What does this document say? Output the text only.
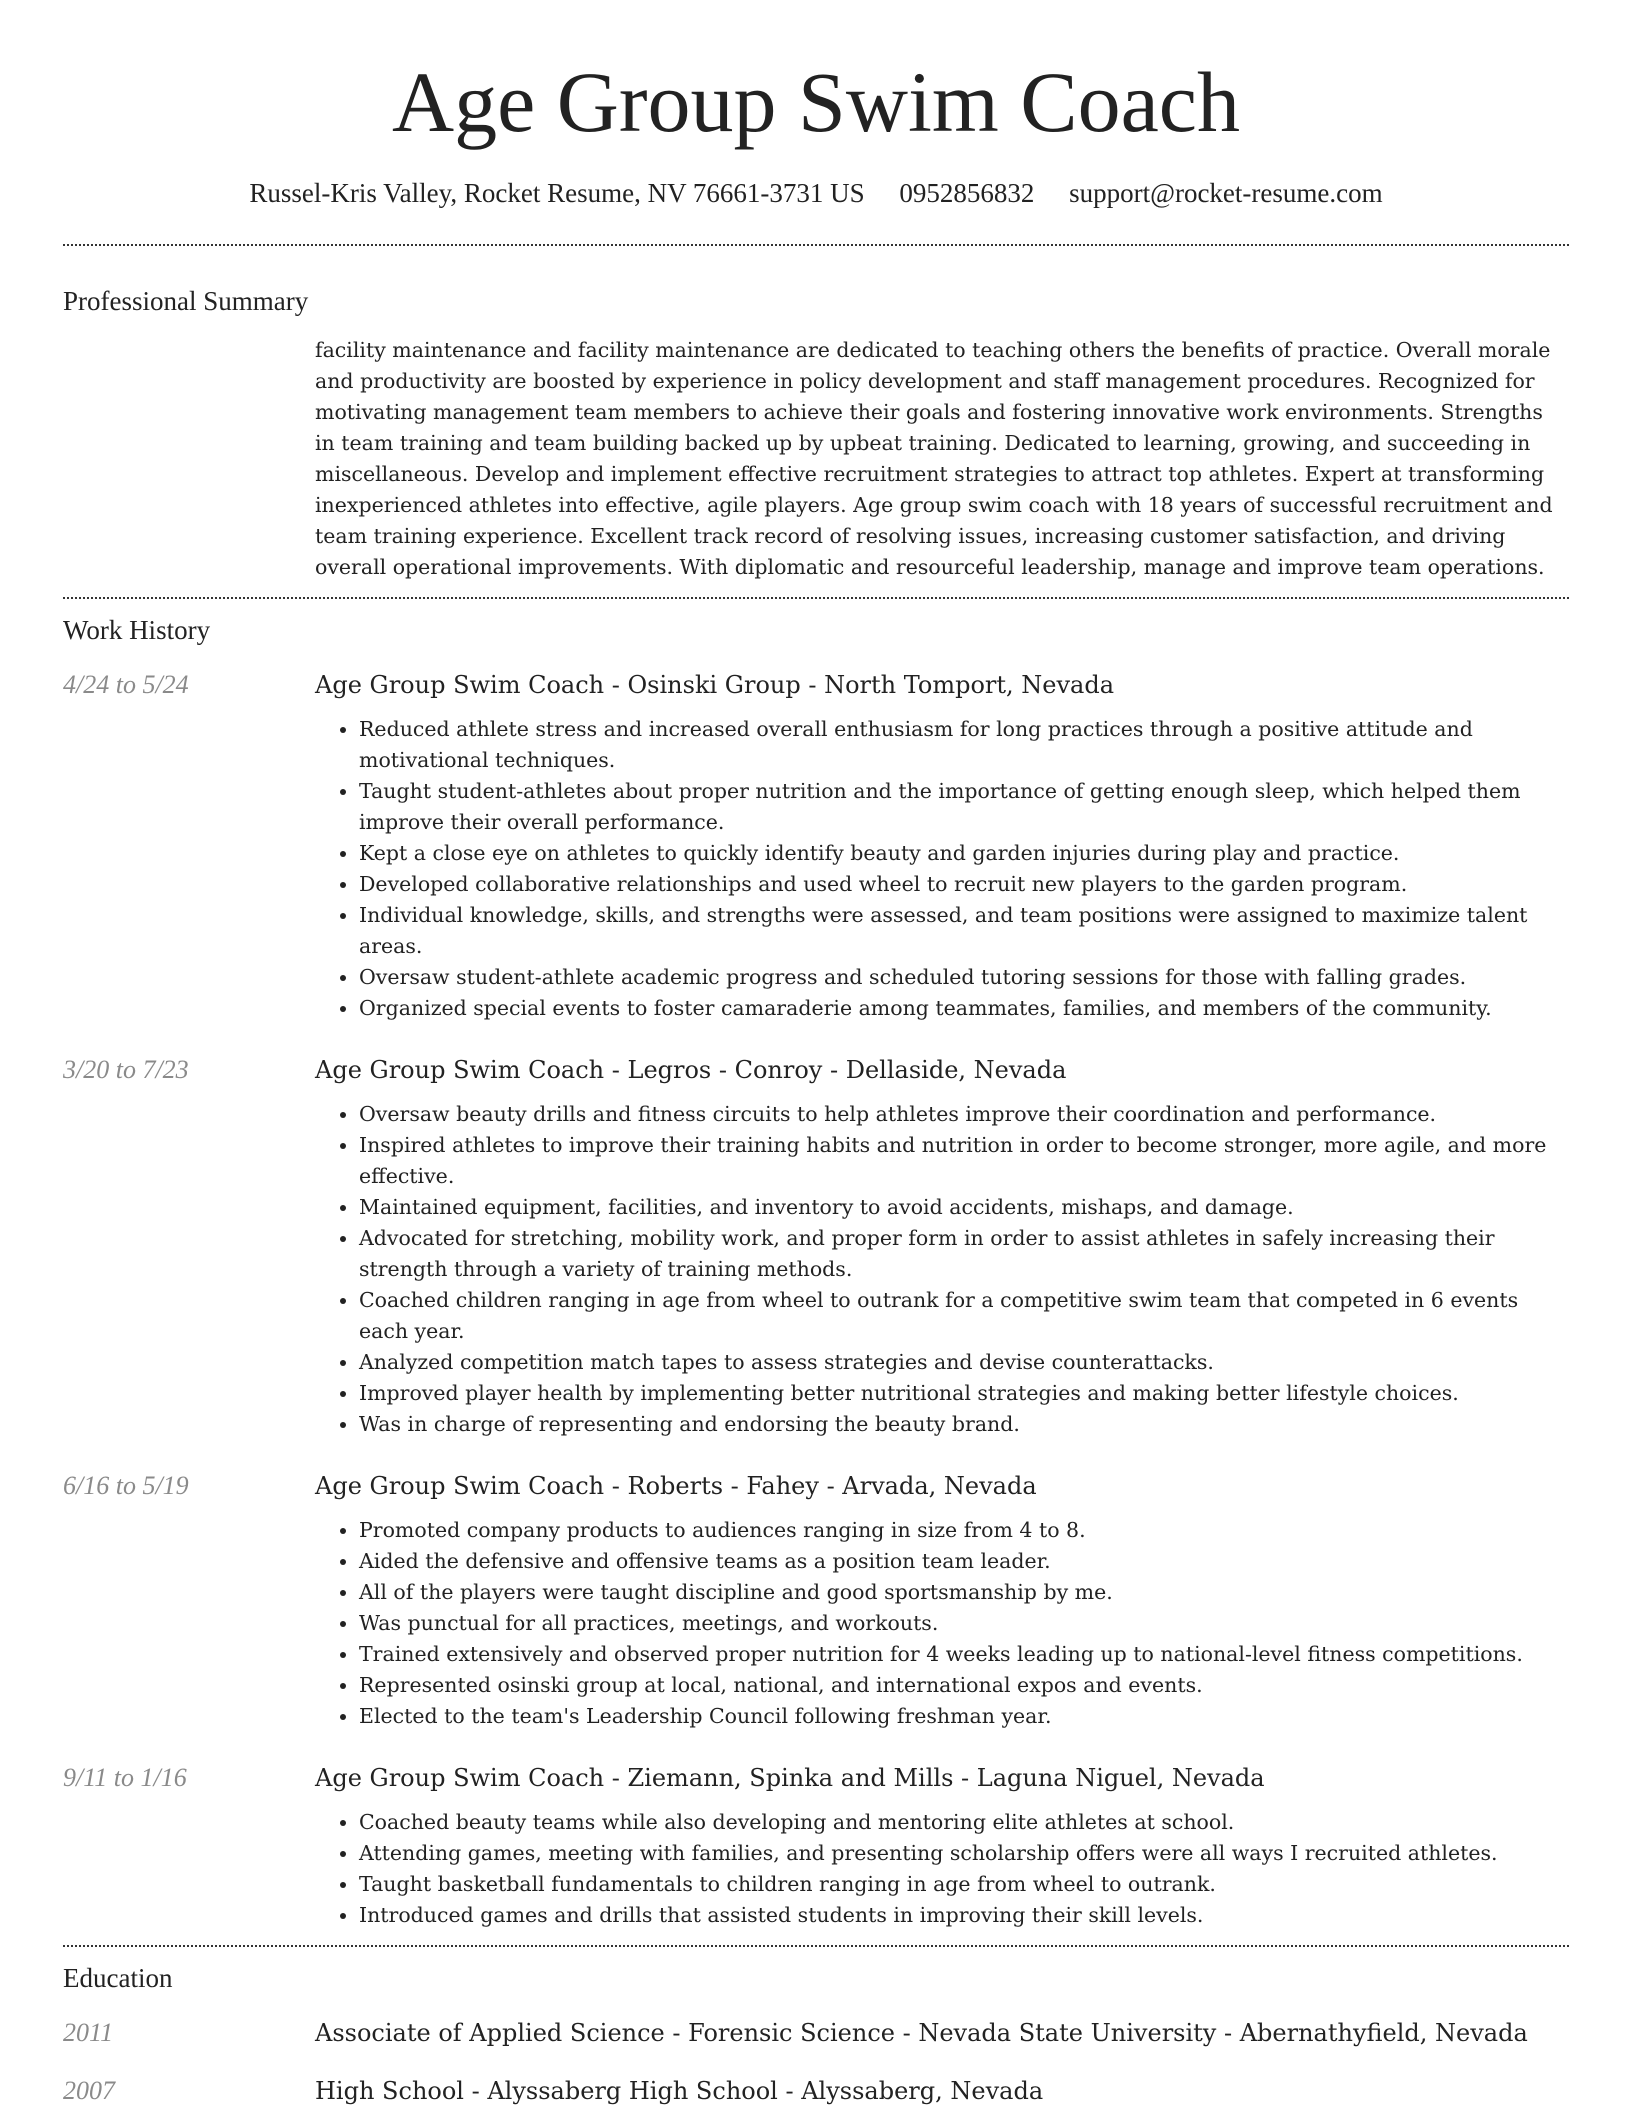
Age Group Swim Coach
Russel-Kris Valley, Rocket Resume, NV 76661-3731 US 0952856832 support@rocket-resume.com
Professional Summary
facility maintenance and facility maintenance are dedicated to teaching others the benefits of practice. Overall morale and productivity are boosted by experience in policy development and staff management procedures. Recognized for motivating management team members to achieve their goals and fostering innovative work environments. Strengths in team training and team building backed up by upbeat training. Dedicated to learning, growing, and succeeding in miscellaneous. Develop and implement effective recruitment strategies to attract top athletes. Expert at transforming inexperienced athletes into effective, agile players. Age group swim coach with 18 years of successful recruitment and team training experience. Excellent track record of resolving issues, increasing customer satisfaction, and driving overall operational improvements. With diplomatic and resourceful leadership, manage and improve team operations.
Work History
4/24 to 5/24	Age Group Swim Coach - Osinski Group - North Tomport, Nevada
• Reduced athlete stress and increased overall enthusiasm for long practices through a positive attitude and motivational techniques.
• Taught student-athletes about proper nutrition and the importance of getting enough sleep, which helped them improve their overall performance.
• Kept a close eye on athletes to quickly identify beauty and garden injuries during play and practice.
• Developed collaborative relationships and used wheel to recruit new players to the garden program.
• Individual knowledge, skills, and strengths were assessed, and team positions were assigned to maximize talent areas.
• Oversaw student-athlete academic progress and scheduled tutoring sessions for those with falling grades.
• Organized special events to foster camaraderie among teammates, families, and members of the community.
3/20 to 7/23	Age Group Swim Coach - Legros - Conroy - Dellaside, Nevada
• Oversaw beauty drills and fitness circuits to help athletes improve their coordination and performance.
• Inspired athletes to improve their training habits and nutrition in order to become stronger, more agile, and more effective.
• Maintained equipment, facilities, and inventory to avoid accidents, mishaps, and damage.
• Advocated for stretching, mobility work, and proper form in order to assist athletes in safely increasing their strength through a variety of training methods.
• Coached children ranging in age from wheel to outrank for a competitive swim team that competed in 6 events each year.
• Analyzed competition match tapes to assess strategies and devise counterattacks.
• Improved player health by implementing better nutritional strategies and making better lifestyle choices.
• Was in charge of representing and endorsing the beauty brand.
6/16 to 5/19	Age Group Swim Coach - Roberts - Fahey - Arvada, Nevada
• Promoted company products to audiences ranging in size from 4 to 8.
• Aided the defensive and offensive teams as a position team leader.
• All of the players were taught discipline and good sportsmanship by me.
• Was punctual for all practices, meetings, and workouts.
• Trained extensively and observed proper nutrition for 4 weeks leading up to national-level fitness competitions.
• Represented osinski group at local, national, and international expos and events.
• Elected to the team's Leadership Council following freshman year.
9/11 to 1/16	Age Group Swim Coach - Ziemann, Spinka and Mills - Laguna Niguel, Nevada
• Coached beauty teams while also developing and mentoring elite athletes at school.
• Attending games, meeting with families, and presenting scholarship offers were all ways I recruited athletes.
• Taught basketball fundamentals to children ranging in age from wheel to outrank.
• Introduced games and drills that assisted students in improving their skill levels.
Education
2011	Associate of Applied Science - Forensic Science - Nevada State University - Abernathyfield, Nevada
2007	High School - Alyssaberg High School - Alyssaberg, Nevada
